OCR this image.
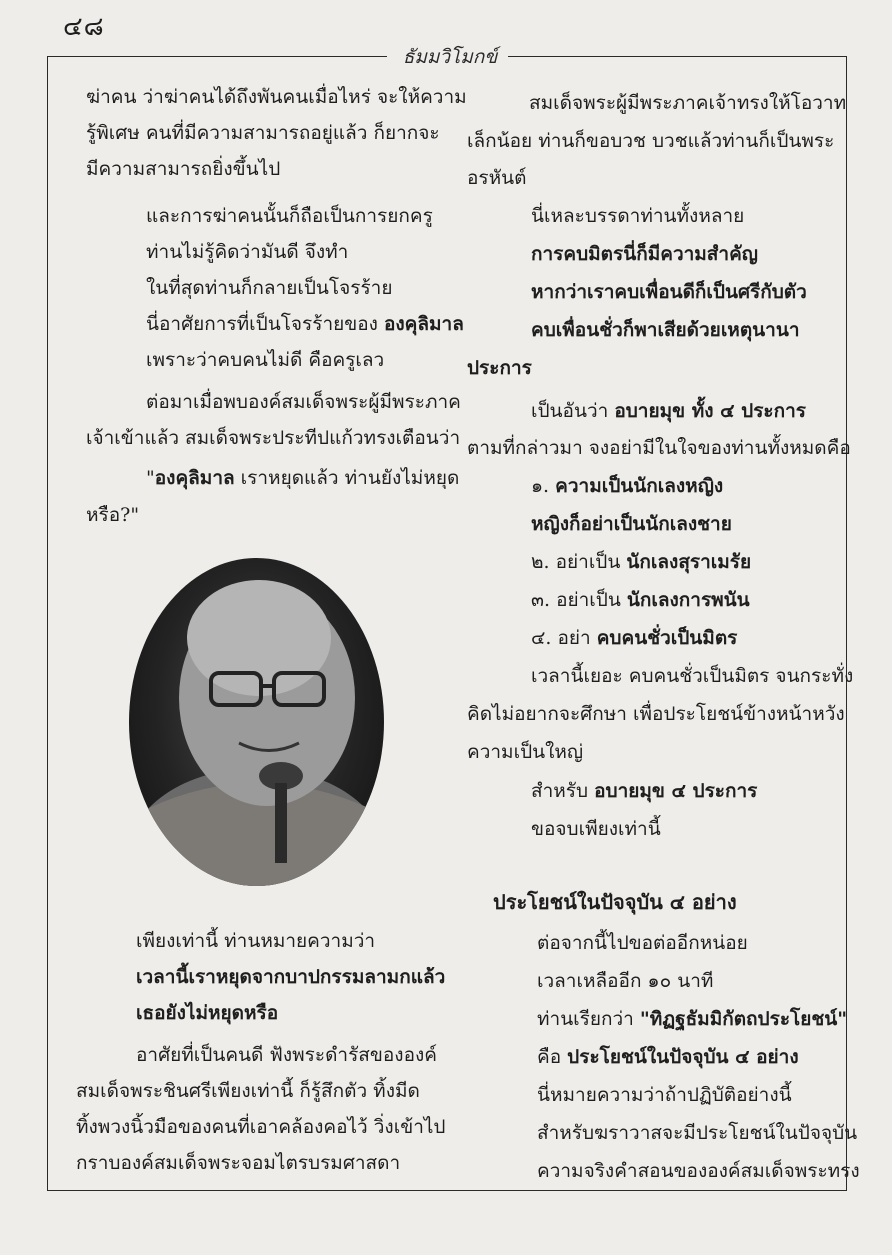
๔๘
ธัมมวิโมกข์
ฆ่าคน ว่าฆ่าคนได้ถึงพันคนเมื่อไหร่ จะให้ความ
รู้พิเศษ คนที่มีความสามารถอยู่แล้ว ก็ยากจะ
มีความสามารถยิ่งขึ้นไป
และการฆ่าคนนั้นก็ถือเป็นการยกครู
ท่านไม่รู้คิดว่ามันดี จึงทำ
ในที่สุดท่านก็กลายเป็นโจรร้าย
นี่อาศัยการที่เป็นโจรร้ายของ องคุลิมาล
เพราะว่าคบคนไม่ดี คือครูเลว
ต่อมาเมื่อพบองค์สมเด็จพระผู้มีพระภาค
เจ้าเข้าแล้ว สมเด็จพระประทีปแก้วทรงเตือนว่า
"องคุลิมาล เราหยุดแล้ว ท่านยังไม่หยุด
หรือ?"
เพียงเท่านี้ ท่านหมายความว่า
เวลานี้เราหยุดจากบาปกรรมลามกแล้ว
เธอยังไม่หยุดหรือ
อาศัยที่เป็นคนดี ฟังพระดำรัสขององค์
สมเด็จพระชินศรีเพียงเท่านี้ ก็รู้สึกตัว ทิ้งมีด
ทิ้งพวงนิ้วมือของคนที่เอาคล้องคอไว้ วิ่งเข้าไป
กราบองค์สมเด็จพระจอมไตรบรมศาสดา
สมเด็จพระผู้มีพระภาคเจ้าทรงให้โอวาท
เล็กน้อย ท่านก็ขอบวช บวชแล้วท่านก็เป็นพระ
อรหันต์
นี่เหละบรรดาท่านทั้งหลาย
การคบมิตรนี่ก็มีความสำคัญ
หากว่าเราคบเพื่อนดีก็เป็นศรีกับตัว
คบเพื่อนชั่วก็พาเสียด้วยเหตุนานา
ประการ
เป็นอันว่า อบายมุข ทั้ง ๔ ประการ
ตามที่กล่าวมา จงอย่ามีในใจของท่านทั้งหมดคือ
๑. ความเป็นนักเลงหญิง
หญิงก็อย่าเป็นนักเลงชาย
๒. อย่าเป็น นักเลงสุราเมรัย
๓. อย่าเป็น นักเลงการพนัน
๔. อย่า คบคนชั่วเป็นมิตร
เวลานี้เยอะ คบคนชั่วเป็นมิตร จนกระทั่ง
คิดไม่อยากจะศึกษา เพื่อประโยชน์ข้างหน้าหวัง
ความเป็นใหญ่
สำหรับ อบายมุข ๔ ประการ
ขอจบเพียงเท่านี้
ประโยชน์ในปัจจุบัน ๔ อย่าง
ต่อจากนี้ไปขอต่ออีกหน่อย
เวลาเหลืออีก ๑๐ นาที
ท่านเรียกว่า "ทิฏฐธัมมิกัตถประโยชน์"
คือ ประโยชน์ในปัจจุบัน ๔ อย่าง
นี่หมายความว่าถ้าปฏิบัติอย่างนี้
สำหรับฆราวาสจะมีประโยชน์ในปัจจุบัน
ความจริงคำสอนขององค์สมเด็จพระทรง
